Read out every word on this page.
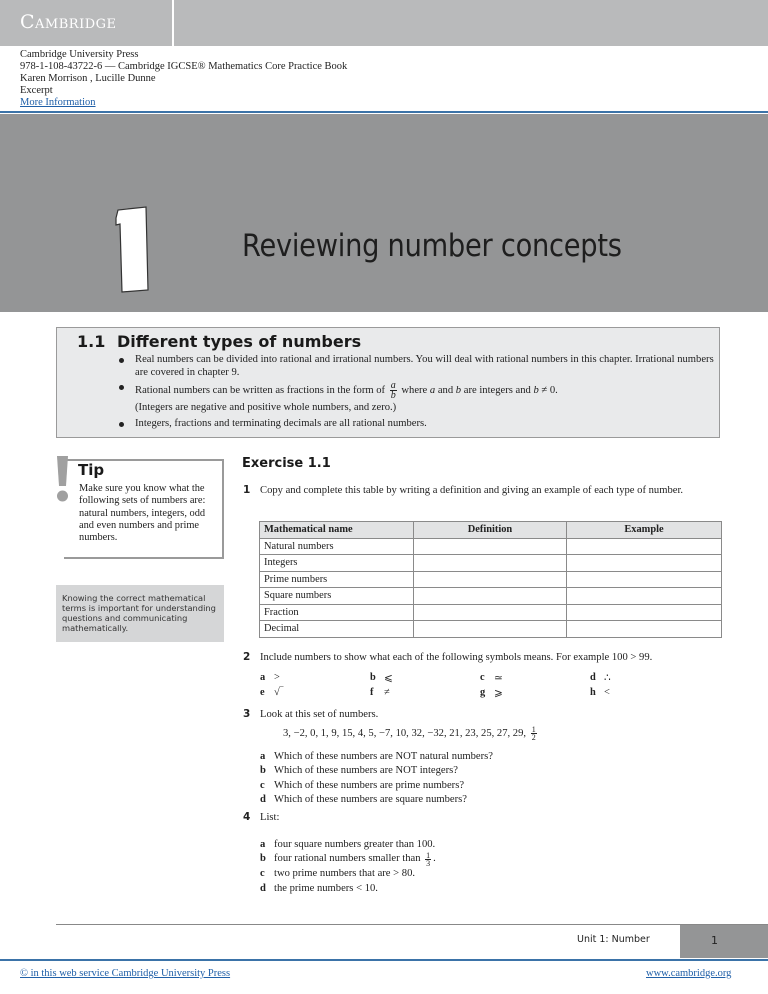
Cambridge
Cambridge University Press
978-1-108-43722-6 — Cambridge IGCSE® Mathematics Core Practice Book
Karen Morrison , Lucille Dunne
Excerpt
More Information
Reviewing number concepts
1.1 Different types of numbers
Real numbers can be divided into rational and irrational numbers. You will deal with rational numbers in this chapter. Irrational numbers are covered in chapter 9.
Rational numbers can be written as fractions in the form of $\frac{a}{b}$ where a and b are integers and b ≠ 0.
(Integers are negative and positive whole numbers, and zero.)
Integers, fractions and terminating decimals are all rational numbers.
Tip
Make sure you know what the following sets of numbers are: natural numbers, integers, odd and even numbers and prime numbers.
Knowing the correct mathematical terms is important for understanding questions and communicating mathematically.
Exercise 1.1
1 Copy and complete this table by writing a definition and giving an example of each type of number.
Mathematical name	Definition	Example
Natural numbers		
Integers		
Prime numbers		
Square numbers		
Fraction		
Decimal		
2 Include numbers to show what each of the following symbols means. For example 100 > 99.
a >	b ⩽	c ≃	d ∴
e √‾	f	≠	g ⩾	h <
3 Look at this set of numbers.
3, −2, 0, 1, 9, 15, 4, 5, −7, 10, 32, −32, 21, 23, 25, 27, 29, $\frac{1}{2}$
a Which of these numbers are NOT natural numbers?
b Which of these numbers are NOT integers?
c Which of these numbers are prime numbers?
d Which of these numbers are square numbers?
4 List:
a four square numbers greater than 100.
b four rational numbers smaller than
$\frac{1}{3}$ .
c two prime numbers that are > 80.
d the prime numbers < 10.
Unit 1: Number	1
© in this web service Cambridge University Press	www.cambridge.org
